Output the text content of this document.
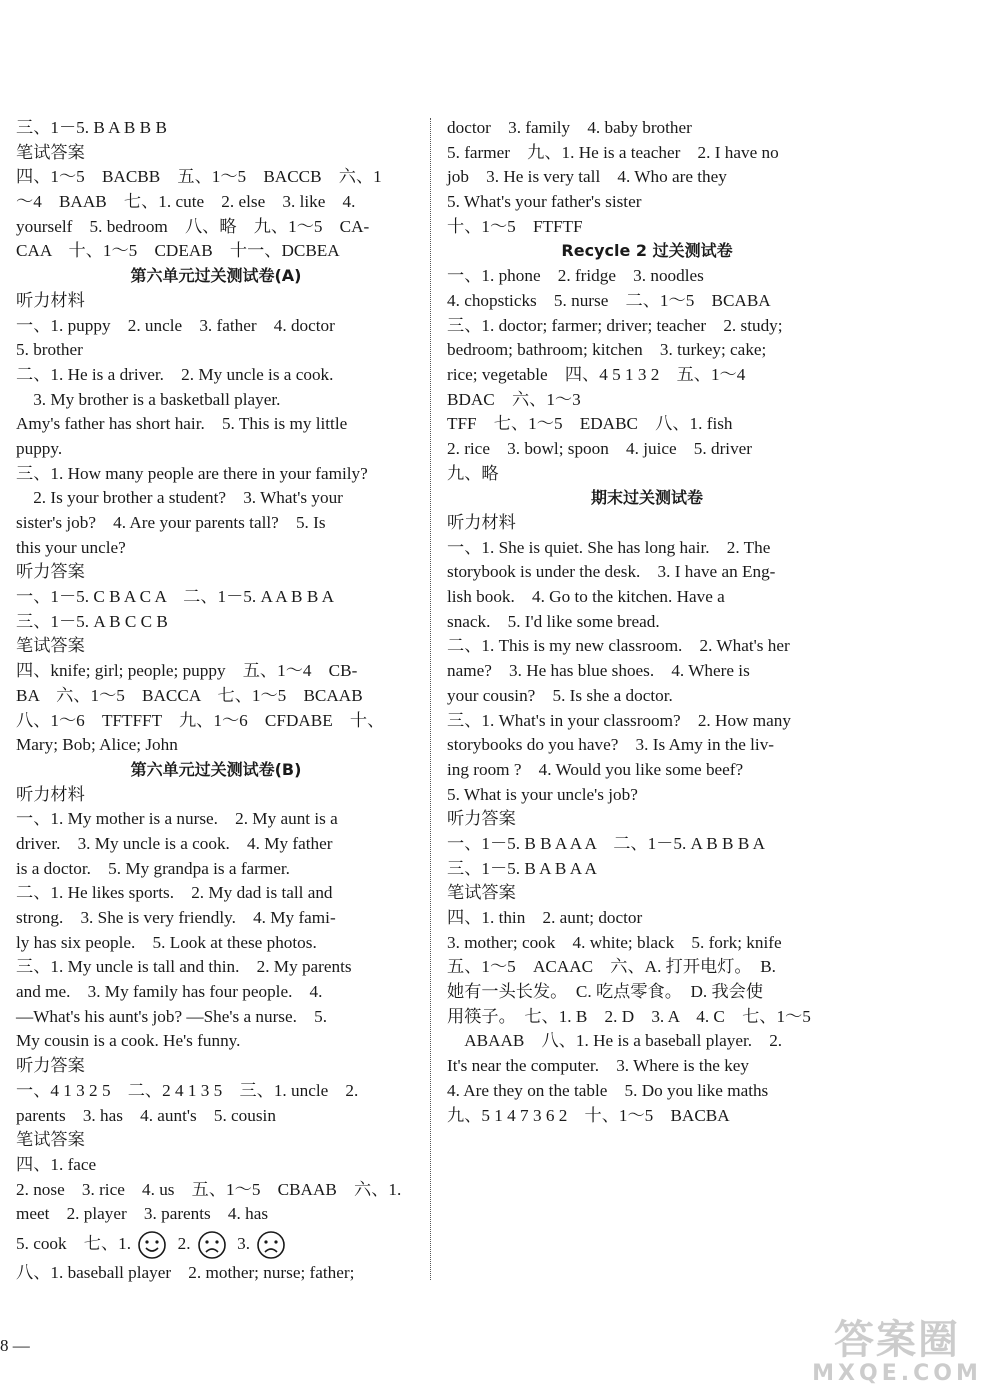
三、1－5. B A B B B
笔试答案
四、1～5　BACBB　五、1～5　BACCB　六、1
～4　BAAB　七、1. cute　2. else　3. like　4.
yourself　5. bedroom　八、略　九、1～5　CA-
CAA　十、1～5　CDEAB　十一、DCBEA
第六单元过关测试卷(A)
听力材料
一、1. puppy　2. uncle　3. father　4. doctor
5. brother
二、1. He is a driver.　2. My uncle is a cook.
　3. My brother is a basketball player.
Amy's father has short hair.　5. This is my little
puppy.
三、1. How many people are there in your family?
　2. Is your brother a student?　3. What's your
sister's job?　4. Are your parents tall?　5. Is
this your uncle?
听力答案
一、1－5. C B A C A　二、1－5. A A B B A
三、1－5. A B C C B
笔试答案
四、knife; girl; people; puppy　五、1～4　CB-
BA　六、1～5　BACCA　七、1～5　BCAAB
八、1～6　TFTFFT　九、1～6　CFDABE　十、
Mary; Bob; Alice; John
第六单元过关测试卷(B)
听力材料
一、1. My mother is a nurse.　2. My aunt is a
driver.　3. My uncle is a cook.　4. My father
is a doctor.　5. My grandpa is a farmer.
二、1. He likes sports.　2. My dad is tall and
strong.　3. She is very friendly.　4. My fami-
ly has six people.　5. Look at these photos.
三、1. My uncle is tall and thin.　2. My parents
and me.　3. My family has four people.　4.
—What's his aunt's job? —She's a nurse.　5.
My cousin is a cook. He's funny.
听力答案
一、4 1 3 2 5　二、2 4 1 3 5　三、1. uncle　2.
parents　3. has　4. aunt's　5. cousin
笔试答案
四、1. face
2. nose　3. rice　4. us　五、1～5　CBAAB　六、1.
meet　2. player　3. parents　4. has
5. cook　七、1.	2.	3.
八、1. baseball player　2. mother; nurse; father;
doctor　3. family　4. baby brother
5. farmer　九、1. He is a teacher　2. I have no
job　3. He is very tall　4. Who are they
5. What's your father's sister
十、1～5　FTFTF
Recycle 2 过关测试卷
一、1. phone　2. fridge　3. noodles
4. chopsticks　5. nurse　二、1～5　BCABA
三、1. doctor; farmer; driver; teacher　2. study;
bedroom; bathroom; kitchen　3. turkey; cake;
rice; vegetable　四、4 5 1 3 2　五、1～4
BDAC　六、1～3
TFF　七、1～5　EDABC　八、1. fish
2. rice　3. bowl; spoon　4. juice　5. driver
九、略
期末过关测试卷
听力材料
一、1. She is quiet. She has long hair.　2. The
storybook is under the desk.　3. I have an Eng-
lish book.　4. Go to the kitchen. Have a
snack.　5. I'd like some bread.
二、1. This is my new classroom.　2. What's her
name?　3. He has blue shoes.　4. Where is
your cousin?　5. Is she a doctor.
三、1. What's in your classroom?　2. How many
storybooks do you have?　3. Is Amy in the liv-
ing room ?　4. Would you like some beef?
5. What is your uncle's job?
听力答案
一、1－5. B B A A A　二、1－5. A B B B A
三、1－5. B A B A A
笔试答案
四、1. thin　2. aunt; doctor
3. mother; cook　4. white; black　5. fork; knife
五、1～5　ACAAC　六、A. 打开电灯。　B.
她有一头长发。　C. 吃点零食。　D. 我会使
用筷子。　七、1. B　2. D　3. A　4. C　七、1～5
　ABAAB　八、1. He is a baseball player.　2.
It's near the computer.　3. Where is the key
4. Are they on the table　5. Do you like maths
九、5 1 4 7 3 6 2　十、1～5　BACBA
8 —	答案圈
MXQE.COM
